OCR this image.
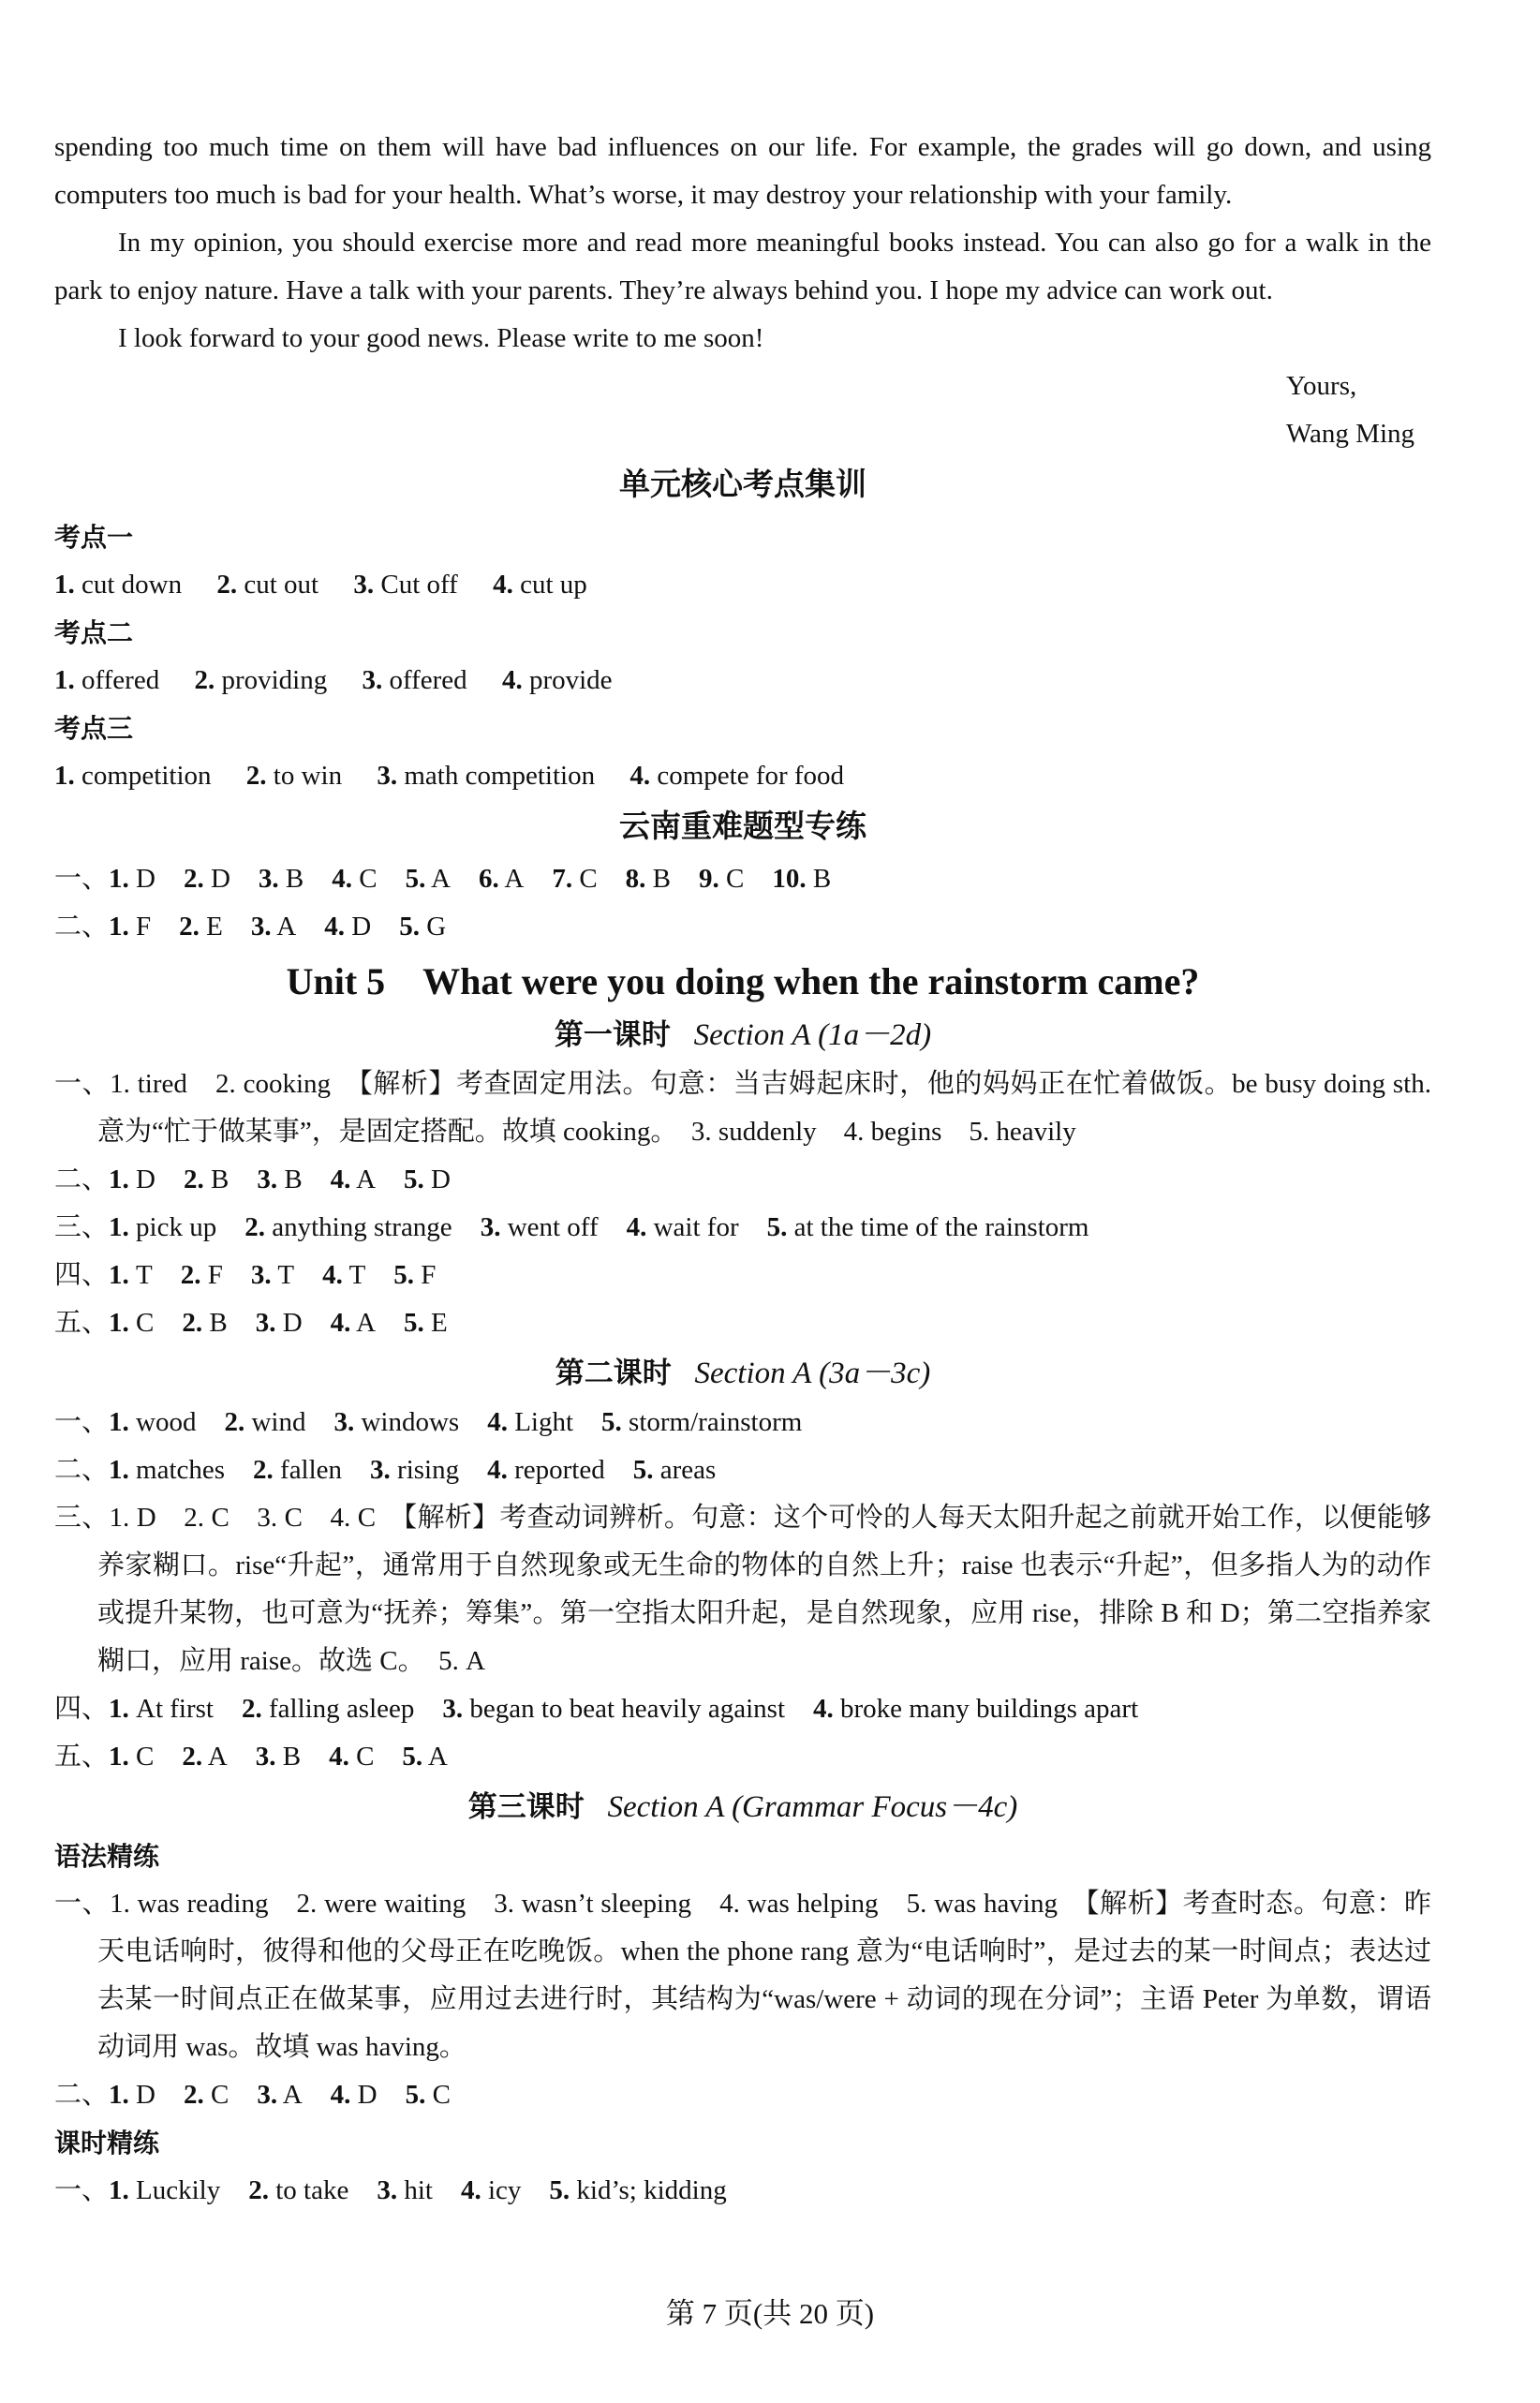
spending too much time on them will have bad influences on our life. For example, the grades will go down, and using computers too much is bad for your health. What’s worse, it may destroy your relationship with your family.

In my opinion, you should exercise more and read more meaningful books instead. You can also go for a walk in the park to enjoy nature. Have a talk with your parents. They’re always behind you. I hope my advice can work out.

I look forward to your good news. Please write to me soon!

Yours,

Wang Ming

单元核心考点集训
考点一
1. cut down 2. cut out 3. Cut off 4. cut up
考点二
1. offered 2. providing 3. offered 4. provide
考点三
1. competition 2. to win 3. math competition 4. compete for food
云南重难题型专练
一、1. D 2. D 3. B 4. C 5. A 6. A 7. C 8. B 9. C 10. B
二、1. F 2. E 3. A 4. D 5. G
Unit 5　What were you doing when the rainstorm came?
第一课时 Section A (1a－2d)

一、1. tired　2. cooking　【解析】考查固定用法。句意：当吉姆起床时，他的妈妈正在忙着做饭。be busy doing sth. 意为“忙于做某事”，是固定搭配。故填 cooking。　3. suddenly　4. begins　5. heavily

二、1. D 2. B 3. B 4. A 5. D
三、1. pick up 2. anything strange 3. went off 4. wait for 5. at the time of the rainstorm
四、1. T 2. F 3. T 4. T 5. F
五、1. C 2. B 3. D 4. A 5. E
第二课时 Section A (3a－3c)
一、1. wood 2. wind 3. windows 4. Light 5. storm/rainstorm
二、1. matches 2. fallen 3. rising 4. reported 5. areas

三、1. D　2. C　3. C　4. C　【解析】考查动词辨析。句意：这个可怜的人每天太阳升起之前就开始工作，以便能够养家糊口。rise“升起”，通常用于自然现象或无生命的物体的自然上升；raise 也表示“升起”，但多指人为的动作或提升某物，也可意为“抚养；筹集”。第一空指太阳升起，是自然现象，应用 rise，排除 B 和 D；第二空指养家糊口，应用 raise。故选 C。　5. A

四、1. At first 2. falling asleep 3. began to beat heavily against 4. broke many buildings apart
五、1. C 2. A 3. B 4. C 5. A
第三课时 Section A (Grammar Focus－4c)
语法精练

一、1. was reading　2. were waiting　3. wasn’t sleeping　4. was helping　5. was having　【解析】考查时态。句意：昨天电话响时，彼得和他的父母正在吃晚饭。when the phone rang 意为“电话响时”，是过去的某一时间点；表达过去某一时间点正在做某事，应用过去进行时，其结构为“was/were + 动词的现在分词”；主语 Peter 为单数，谓语动词用 was。故填 was having。

二、1. D 2. C 3. A 4. D 5. C
课时精练
一、1. Luckily 2. to take 3. hit 4. icy 5. kid’s; kidding
第 7 页(共 20 页)
